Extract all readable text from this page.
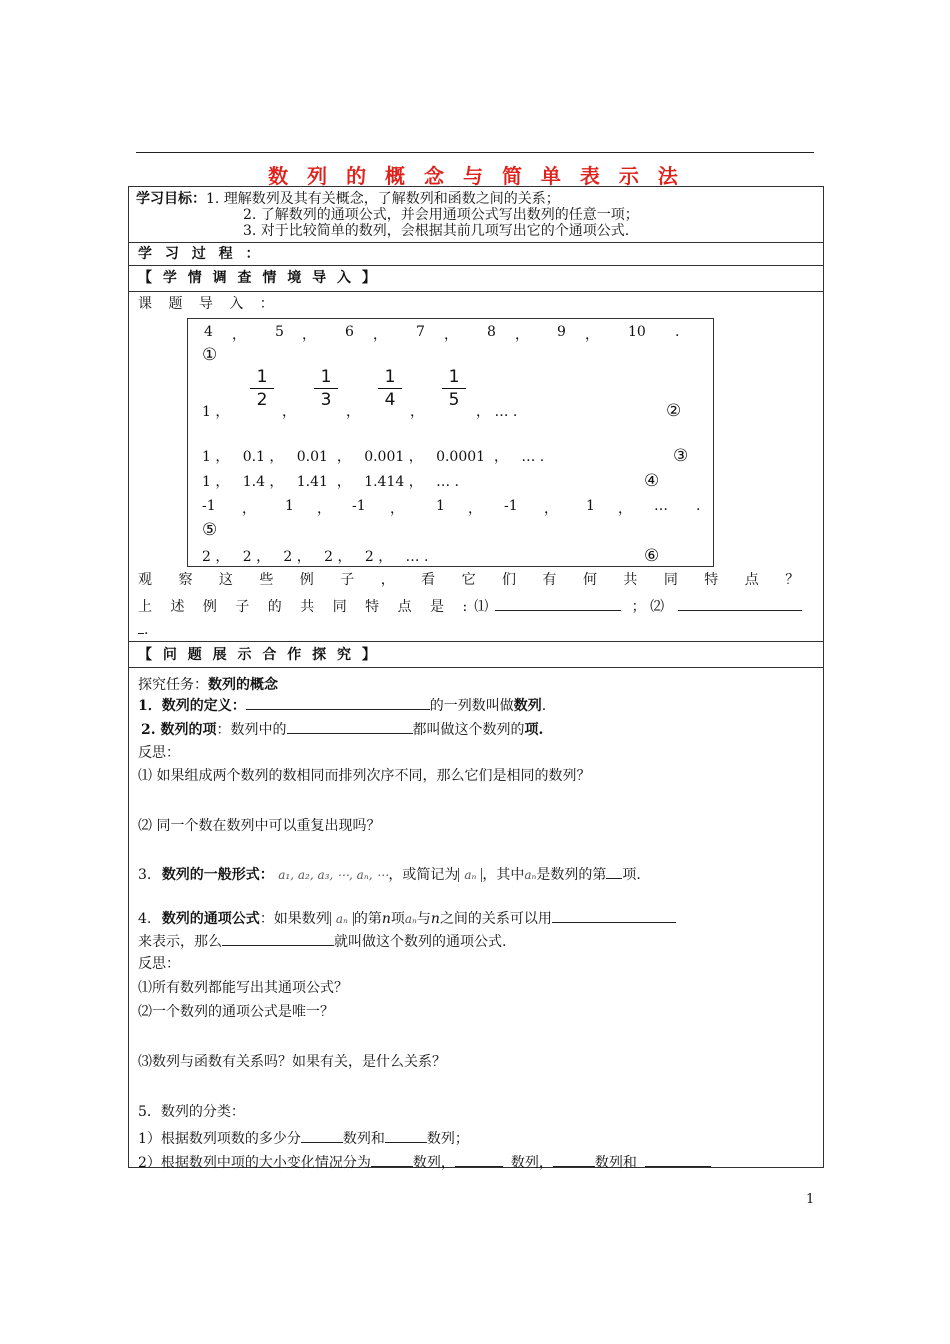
数 列 的 概 念 与 简 单 表 示 法
学习目标：1. 理解数列及其有关概念，了解数列和函数之间的关系；
2. 了解数列的通项公式，并会用通项公式写出数列的任意一项；
3. 对于比较简单的数列，会根据其前几项写出它的个通项公式.
学 习 过 程 ：
【 学 情 调 查 情 境 导 入 】
课 题 导 入 ：
4 ， 5 ， 6 ， 7 ， 8 ， 9 ， 10 .
①
1 ，
1
2
，
1
3
，
1
4
，
1
5
， … .	②
1 ，   0.1 ，   0.01  ，   0.001 ，   0.0001  ，   … .	③
1 ，   1.4 ，   1.41  ，   1.414 ，   … .	④
-1 ， 1 ， -1 ， 1 ， -1 ， 1 ， … .
⑤
2 ，   2 ，   2 ，   2 ，   2 ，   … .	⑥
观 察 这 些 例 子 ， 看 它 们 有 何 共 同 特 点 ？
上 述 例 子 的 共 同 特 点 是 :⑴	； ⑵
.
【 问 题 展 示 合 作 探 究 】
探究任务：数列的概念
1．数列的定义：	的一列数叫做数列.
2. 数列的项：数列中的	都叫做这个数列的项.
反思：
⑴ 如果组成两个数列的数相同而排列次序不同，那么它们是相同的数列？
⑵ 同一个数在数列中可以重复出现吗？
3. 数列的一般形式： a₁, a₂, a₃, ⋯, aₙ, ⋯，或简记为 aₙ ，其中aₙ是数列的第 项.
4. 数列的通项公式：如果数列 aₙ 的第n项aₙ与n之间的关系可以用
来表示，那么	就叫做这个数列的通项公式.
反思：
⑴所有数列都能写出其通项公式？
⑵一个数列的通项公式是唯一？
⑶数列与函数有关系吗？如果有关，是什么关系？
5．数列的分类：
1）根据数列项数的多少分	数列和	数列；
2）根据数列中项的大小变化情况分为	数列，	数列，	数列和
1
